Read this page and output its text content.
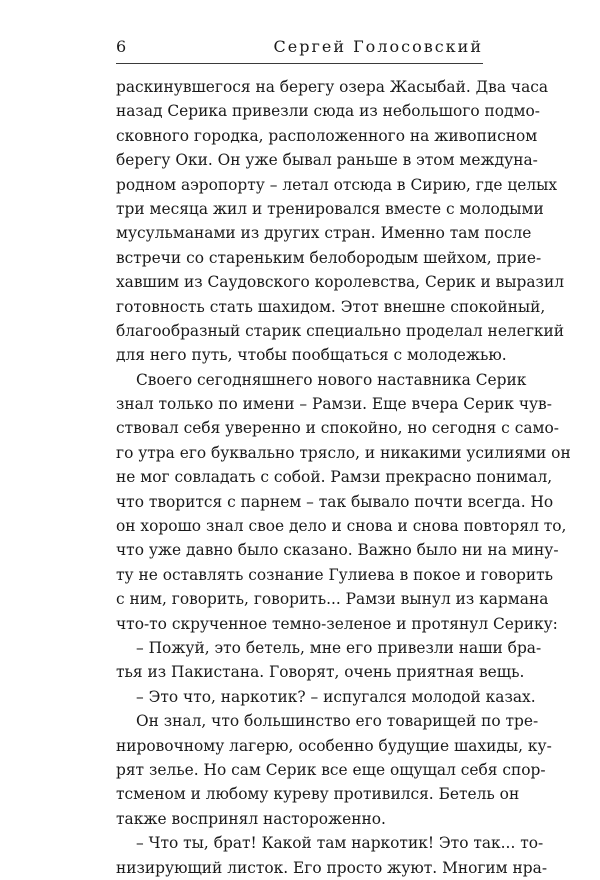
6	Сергей Голосовский
раскинувшегося на берегу озера Жасыбай. Два часа
назад Серика привезли сюда из небольшого подмо-
сковного городка, расположенного на живописном
берегу Оки. Он уже бывал раньше в этом междуна-
родном аэропорту – летал отсюда в Сирию, где целых
три месяца жил и тренировался вместе с молодыми
мусульманами из других стран. Именно там после
встречи со стареньким белобородым шейхом, прие-
хавшим из Саудовского королевства, Серик и выразил
готовность стать шахидом. Этот внешне спокойный,
благообразный старик специально проделал нелегкий
для него путь, чтобы пообщаться с молодежью.
Своего сегодняшнего нового наставника Серик
знал только по имени – Рамзи. Еще вчера Серик чув-
ствовал себя уверенно и спокойно, но сегодня с само-
го утра его буквально трясло, и никакими усилиями он
не мог совладать с собой. Рамзи прекрасно понимал,
что творится с парнем – так бывало почти всегда. Но
он хорошо знал свое дело и снова и снова повторял то,
что уже давно было сказано. Важно было ни на мину-
ту не оставлять сознание Гулиева в покое и говорить
с ним, говорить, говорить... Рамзи вынул из кармана
что-то скрученное темно-зеленое и протянул Серику:
– Пожуй, это бетель, мне его привезли наши бра-
тья из Пакистана. Говорят, очень приятная вещь.
– Это что, наркотик? – испугался молодой казах.
Он знал, что большинство его товарищей по тре-
нировочному лагерю, особенно будущие шахиды, ку-
рят зелье. Но сам Серик все еще ощущал себя спор-
тсменом и любому куреву противился. Бетель он
также воспринял настороженно.
– Что ты, брат! Какой там наркотик! Это так... то-
низирующий листок. Его просто жуют. Многим нра-
